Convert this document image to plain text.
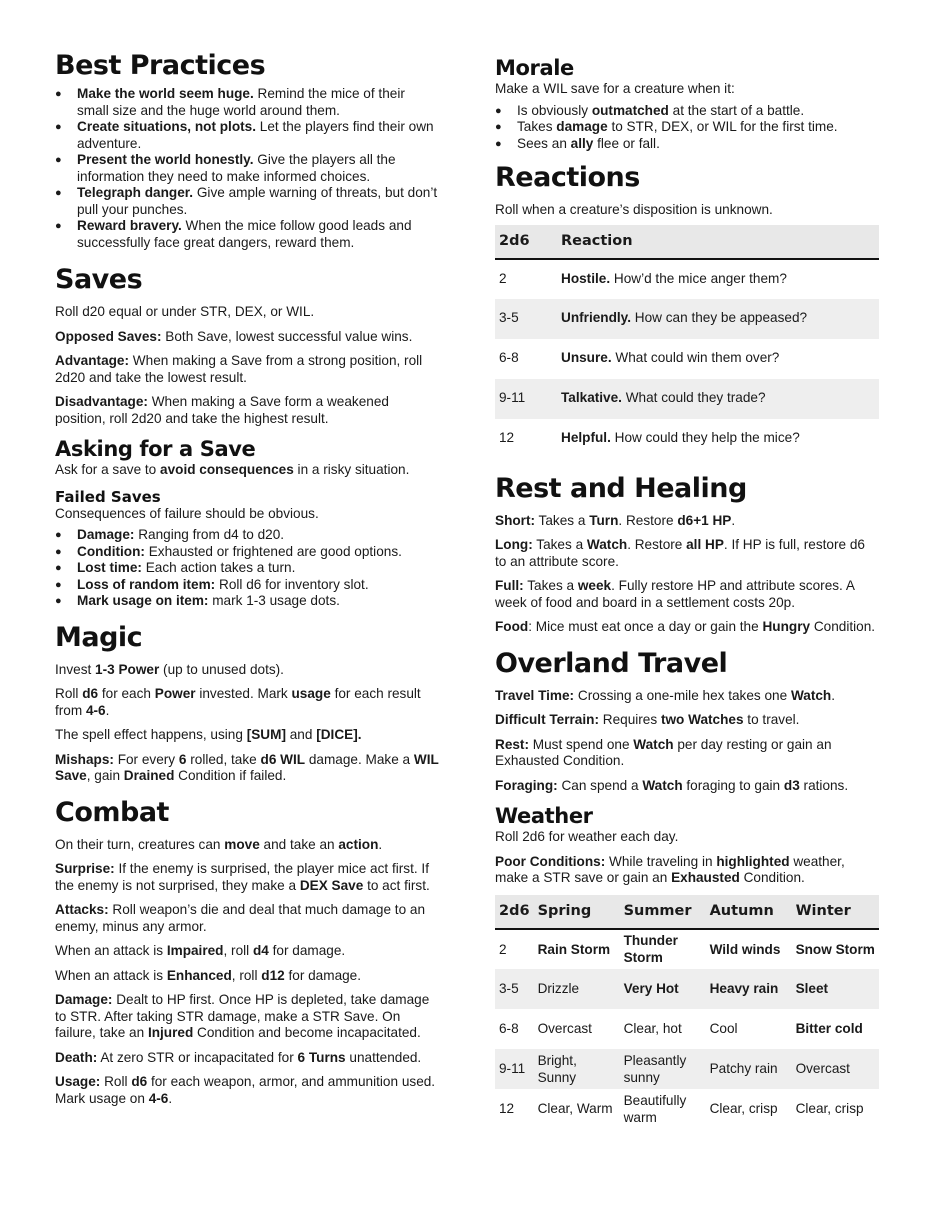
Best Practices
● Make the world seem huge. Remind the mice of their small size and the huge world around them.
● Create situations, not plots. Let the players find their own adventure.
● Present the world honestly. Give the players all the information they need to make informed choices.
● Telegraph danger. Give ample warning of threats, but don’t pull your punches.
● Reward bravery. When the mice follow good leads and successfully face great dangers, reward them.
Saves

Roll d20 equal or under STR, DEX, or WIL.

Opposed Saves: Both Save, lowest successful value wins.

Advantage: When making a Save from a strong position, roll 2d20 and take the lowest result.

Disadvantage: When making a Save form a weakened position, roll 2d20 and take the highest result.

Asking for a Save

Ask for a save to avoid consequences in a risky situation.

Failed Saves

Consequences of failure should be obvious.

● Damage: Ranging from d4 to d20.
● Condition: Exhausted or frightened are good options.
● Lost time: Each action takes a turn.
● Loss of random item: Roll d6 for inventory slot.
● Mark usage on item: mark 1-3 usage dots.
Magic

Invest 1-3 Power (up to unused dots).

Roll d6 for each Power invested. Mark usage for each result from 4-6.

The spell effect happens, using [SUM] and [DICE].

Mishaps: For every 6 rolled, take d6 WIL damage. Make a WIL Save, gain Drained Condition if failed.

Combat

On their turn, creatures can move and take an action.

Surprise: If the enemy is surprised, the player mice act first. If the enemy is not surprised, they make a DEX Save to act first.

Attacks: Roll weapon’s die and deal that much damage to an enemy, minus any armor.

When an attack is Impaired, roll d4 for damage.

When an attack is Enhanced, roll d12 for damage.

Damage: Dealt to HP first. Once HP is depleted, take damage to STR. After taking STR damage, make a STR Save. On failure, take an Injured Condition and become incapacitated.

Death: At zero STR or incapacitated for 6 Turns unattended.

Usage: Roll d6 for each weapon, armor, and ammunition used. Mark usage on 4-6.

Morale

Make a WIL save for a creature when it:

● Is obviously outmatched at the start of a battle.
● Takes damage to STR, DEX, or WIL for the first time.
● Sees an ally flee or fall.
Reactions

Roll when a creature’s disposition is unknown.

2d6	Reaction
2	Hostile. How’d the mice anger them?
3-5	Unfriendly. How can they be appeased?
6-8	Unsure. What could win them over?
9-11	Talkative. What could they trade?
12	Helpful. How could they help the mice?
Rest and Healing

Short: Takes a Turn. Restore d6+1 HP.

Long: Takes a Watch. Restore all HP. If HP is full, restore d6 to an attribute score.

Full: Takes a week. Fully restore HP and attribute scores. A week of food and board in a settlement costs 20p.

Food: Mice must eat once a day or gain the Hungry Condition.

Overland Travel

Travel Time: Crossing a one-mile hex takes one Watch.

Difficult Terrain: Requires two Watches to travel.

Rest: Must spend one Watch per day resting or gain an Exhausted Condition.

Foraging: Can spend a Watch foraging to gain d3 rations.

Weather

Roll 2d6 for weather each day.

Poor Conditions: While traveling in highlighted weather, make a STR save or gain an Exhausted Condition.

2d6	Spring	Summer	Autumn	Winter
2	Rain Storm	Thunder Storm	Wild winds	Snow Storm
3-5	Drizzle	Very Hot	Heavy rain	Sleet
6-8	Overcast	Clear, hot	Cool	Bitter cold
9-11	Bright, Sunny	Pleasantly sunny	Patchy rain	Overcast
12	Clear, Warm	Beautifully warm	Clear, crisp	Clear, crisp
